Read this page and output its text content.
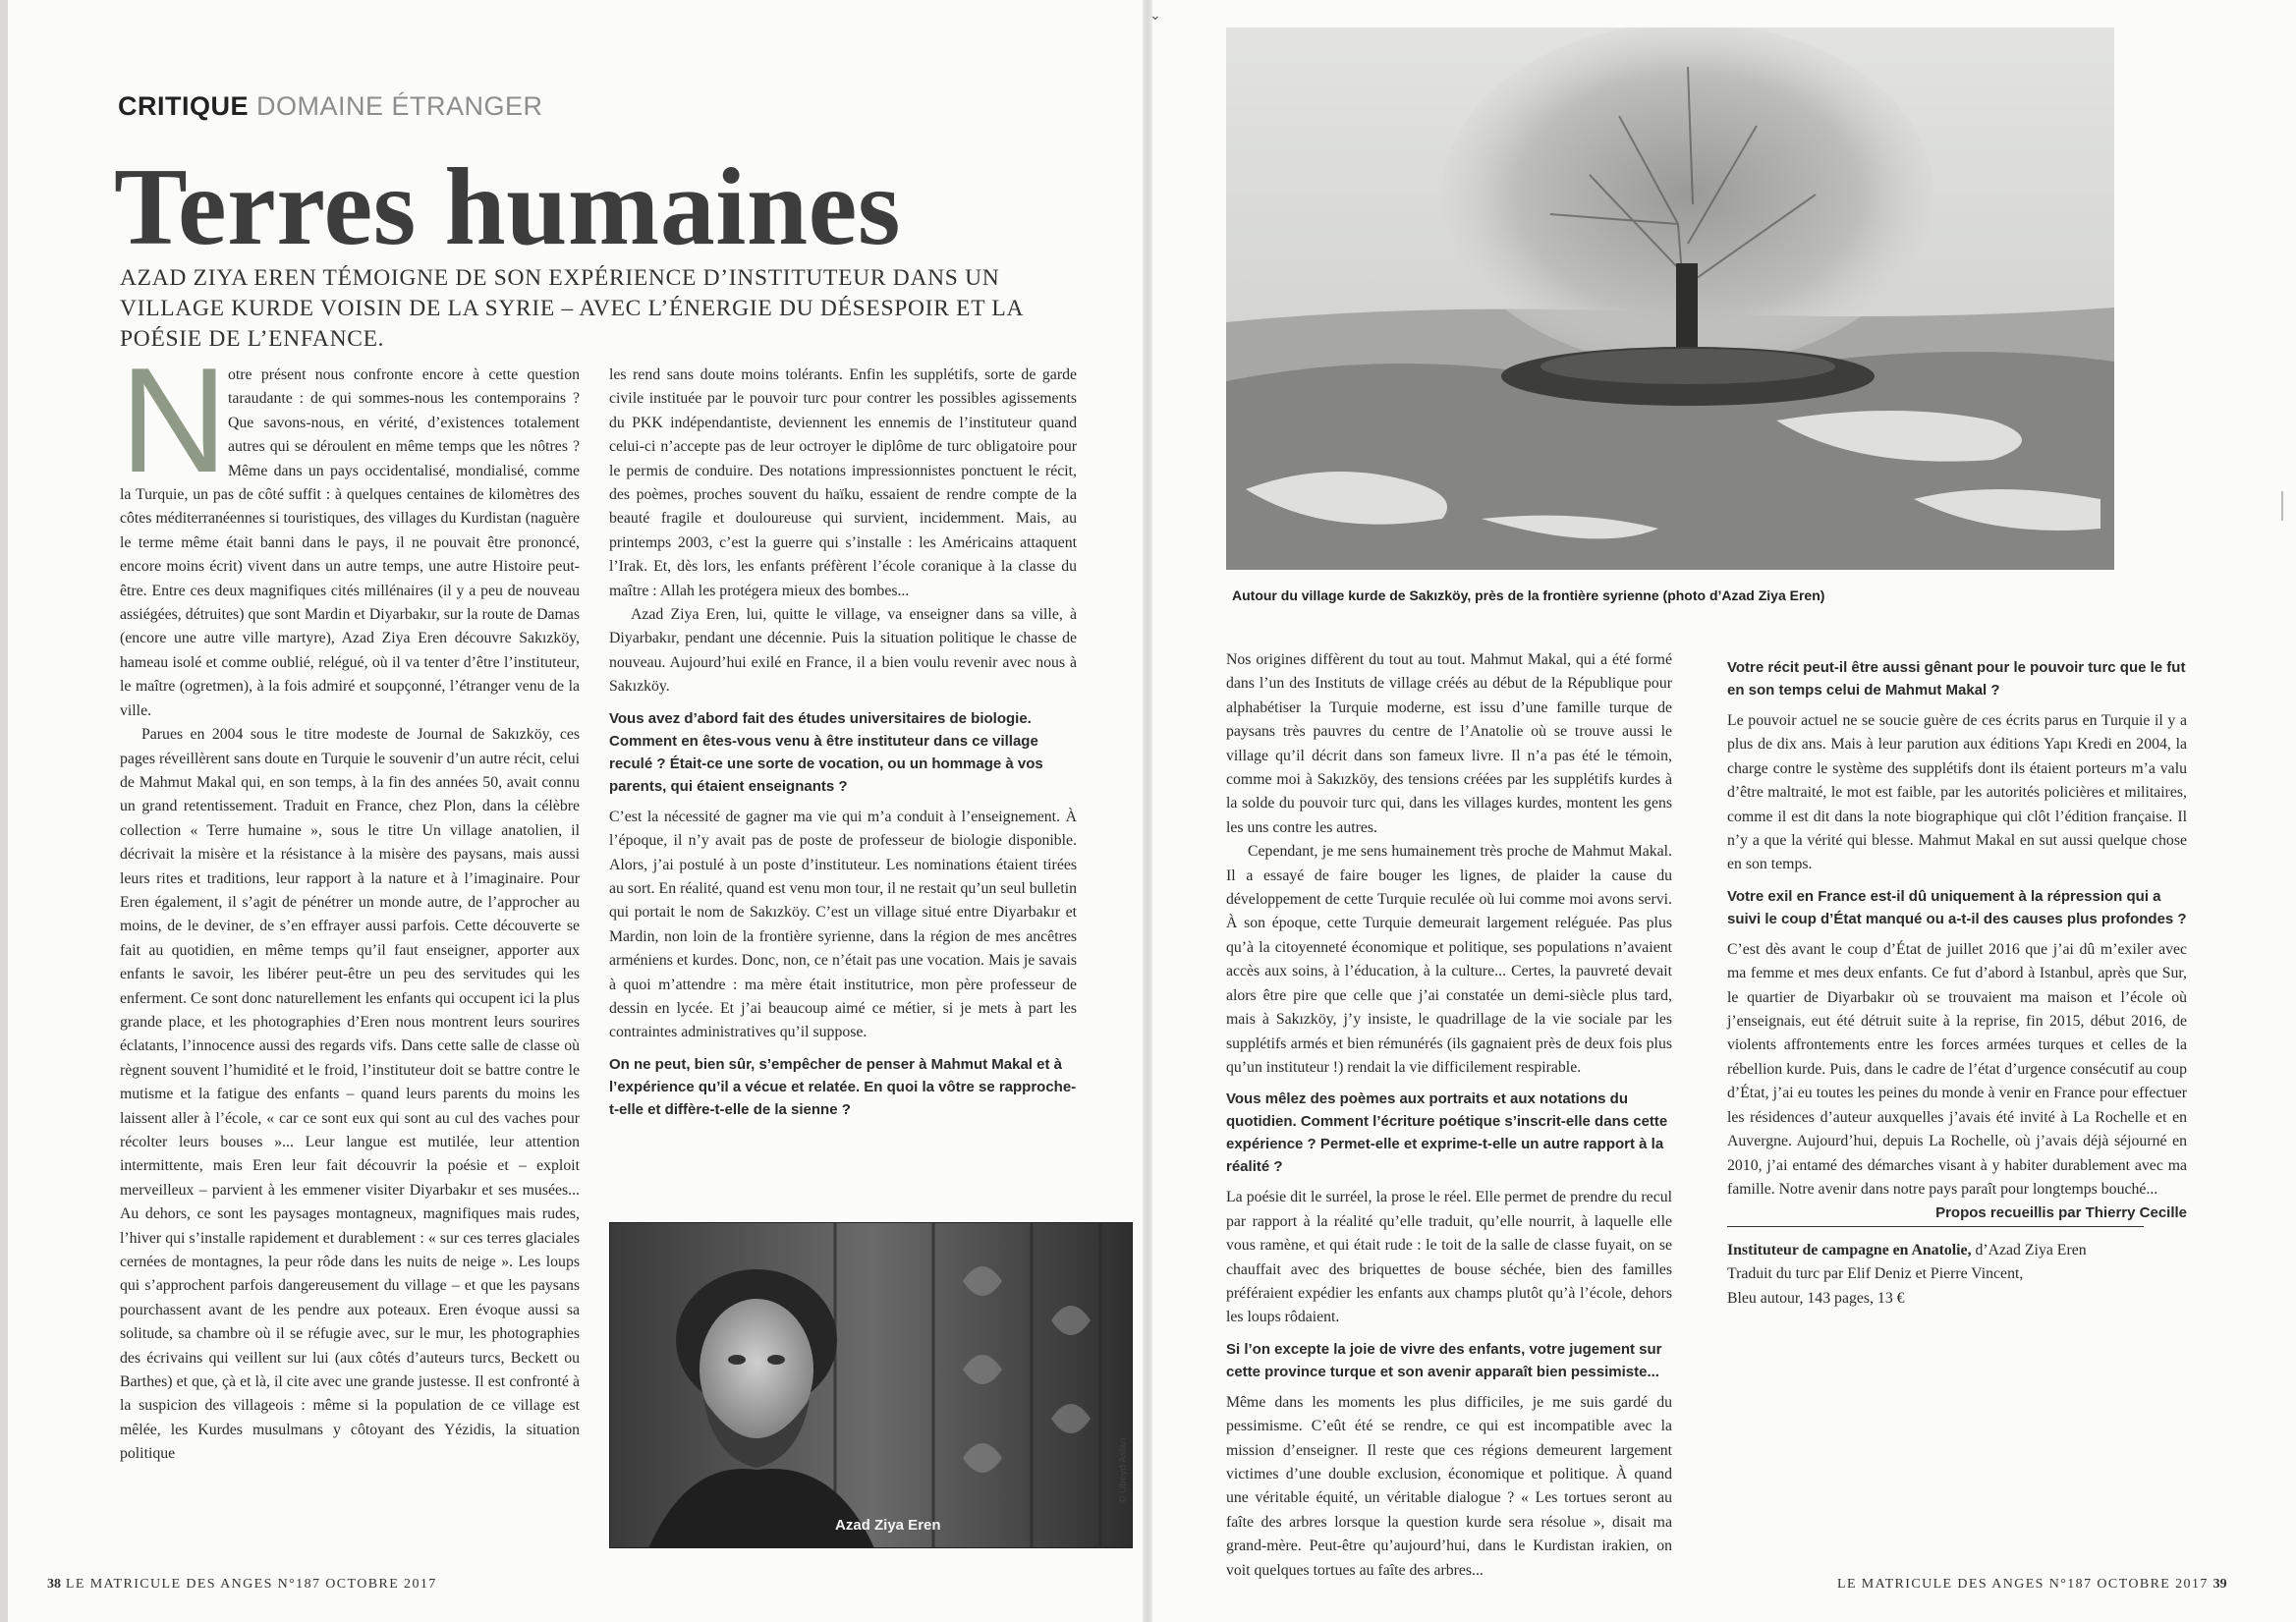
⌄
CRITIQUE DOMAINE ÉTRANGER
Terres humaines

AZAD ZIYA EREN TÉMOIGNE DE SON EXPÉRIENCE D’INSTITUTEUR DANS UN VILLAGE KURDE VOISIN DE LA SYRIE – AVEC L’ÉNERGIE DU DÉSESPOIR ET LA POÉSIE DE L’ENFANCE.

Notre présent nous confronte encore à cette question taraudante : de qui sommes-nous les contemporains ? Que savons-nous, en vérité, d’existences totalement autres qui se déroulent en même temps que les nôtres ? Même dans un pays occidentalisé, mondialisé, comme la Turquie, un pas de côté suffit : à quelques centaines de kilomètres des côtes méditerranéennes si touristiques, des villages du Kurdistan (naguère le terme même était banni dans le pays, il ne pouvait être prononcé, encore moins écrit) vivent dans un autre temps, une autre Histoire peut-être. Entre ces deux magnifiques cités millénaires (il y a peu de nouveau assiégées, détruites) que sont Mardin et Diyarbakır, sur la route de Damas (encore une autre ville martyre), Azad Ziya Eren découvre Sakızköy, hameau isolé et comme oublié, relégué, où il va tenter d’être l’instituteur, le maître (ogretmen), à la fois admiré et soupçonné, l’étranger venu de la ville.

Parues en 2004 sous le titre modeste de Journal de Sakızköy, ces pages réveillèrent sans doute en Turquie le souvenir d’un autre récit, celui de Mahmut Makal qui, en son temps, à la fin des années 50, avait connu un grand retentissement. Traduit en France, chez Plon, dans la célèbre collection « Terre humaine », sous le titre Un village anatolien, il décrivait la misère et la résistance à la misère des paysans, mais aussi leurs rites et traditions, leur rapport à la nature et à l’imaginaire. Pour Eren également, il s’agit de pénétrer un monde autre, de l’approcher au moins, de le deviner, de s’en effrayer aussi parfois. Cette découverte se fait au quotidien, en même temps qu’il faut enseigner, apporter aux enfants le savoir, les libérer peut-être un peu des servitudes qui les enferment. Ce sont donc naturellement les enfants qui occupent ici la plus grande place, et les photographies d’Eren nous montrent leurs sourires éclatants, l’innocence aussi des regards vifs. Dans cette salle de classe où règnent souvent l’humidité et le froid, l’instituteur doit se battre contre le mutisme et la fatigue des enfants – quand leurs parents du moins les laissent aller à l’école, « car ce sont eux qui sont au cul des vaches pour récolter leurs bouses »... Leur langue est mutilée, leur attention intermittente, mais Eren leur fait découvrir la poésie et – exploit merveilleux – parvient à les emmener visiter Diyarbakır et ses musées... Au dehors, ce sont les paysages montagneux, magnifiques mais rudes, l’hiver qui s’installe rapidement et durablement : « sur ces terres glaciales cernées de montagnes, la peur rôde dans les nuits de neige ». Les loups qui s’approchent parfois dangereusement du village – et que les paysans pourchassent avant de les pendre aux poteaux. Eren évoque aussi sa solitude, sa chambre où il se réfugie avec, sur le mur, les photographies des écrivains qui veillent sur lui (aux côtés d’auteurs turcs, Beckett ou Barthes) et que, çà et là, il cite avec une grande justesse. Il est confronté à la suspicion des villageois : même si la population de ce village est mêlée, les Kurdes musulmans y côtoyant des Yézidis, la situation politique

les rend sans doute moins tolérants. Enfin les supplétifs, sorte de garde civile instituée par le pouvoir turc pour contrer les possibles agissements du PKK indépendantiste, deviennent les ennemis de l’instituteur quand celui-ci n’accepte pas de leur octroyer le diplôme de turc obligatoire pour le permis de conduire. Des notations impressionnistes ponctuent le récit, des poèmes, proches souvent du haïku, essaient de rendre compte de la beauté fragile et douloureuse qui survient, incidemment. Mais, au printemps 2003, c’est la guerre qui s’installe : les Américains attaquent l’Irak. Et, dès lors, les enfants préfèrent l’école coranique à la classe du maître : Allah les protégera mieux des bombes...

Azad Ziya Eren, lui, quitte le village, va enseigner dans sa ville, à Diyarbakır, pendant une décennie. Puis la situation politique le chasse de nouveau. Aujourd’hui exilé en France, il a bien voulu revenir avec nous à Sakızköy.

Vous avez d’abord fait des études universitaires de biologie. Comment en êtes-vous venu à être instituteur dans ce village reculé ? Était-ce une sorte de vocation, ou un hommage à vos parents, qui étaient enseignants ?

C’est la nécessité de gagner ma vie qui m’a conduit à l’enseignement. À l’époque, il n’y avait pas de poste de professeur de biologie disponible. Alors, j’ai postulé à un poste d’instituteur. Les nominations étaient tirées au sort. En réalité, quand est venu mon tour, il ne restait qu’un seul bulletin qui portait le nom de Sakızköy. C’est un village situé entre Diyarbakır et Mardin, non loin de la frontière syrienne, dans la région de mes ancêtres arméniens et kurdes. Donc, non, ce n’était pas une vocation. Mais je savais à quoi m’attendre : ma mère était institutrice, mon père professeur de dessin en lycée. Et j’ai beaucoup aimé ce métier, si je mets à part les contraintes administratives qu’il suppose.

On ne peut, bien sûr, s’empêcher de penser à Mahmut Makal et à l’expérience qu’il a vécue et relatée. En quoi la vôtre se rapproche-t-elle et diffère-t-elle de la sienne ?
Azad Ziya Eren
© Ubeyd Aslan
Autour du village kurde de Sakızköy, près de la frontière syrienne (photo d’Azad Ziya Eren)

Nos origines diffèrent du tout au tout. Mahmut Makal, qui a été formé dans l’un des Instituts de village créés au début de la République pour alphabétiser la Turquie moderne, est issu d’une famille turque de paysans très pauvres du centre de l’Anatolie où se trouve aussi le village qu’il décrit dans son fameux livre. Il n’a pas été le témoin, comme moi à Sakızköy, des tensions créées par les supplétifs kurdes à la solde du pouvoir turc qui, dans les villages kurdes, montent les gens les uns contre les autres.

Cependant, je me sens humainement très proche de Mahmut Makal. Il a essayé de faire bouger les lignes, de plaider la cause du développement de cette Turquie reculée où lui comme moi avons servi. À son époque, cette Turquie demeurait largement reléguée. Pas plus qu’à la citoyenneté économique et politique, ses populations n’avaient accès aux soins, à l’éducation, à la culture... Certes, la pauvreté devait alors être pire que celle que j’ai constatée un demi-siècle plus tard, mais à Sakızköy, j’y insiste, le quadrillage de la vie sociale par les supplétifs armés et bien rémunérés (ils gagnaient près de deux fois plus qu’un instituteur !) rendait la vie difficilement respirable.

Vous mêlez des poèmes aux portraits et aux notations du quotidien. Comment l’écriture poétique s’inscrit-elle dans cette expérience ? Permet-elle et exprime-t-elle un autre rapport à la réalité ?

La poésie dit le surréel, la prose le réel. Elle permet de prendre du recul par rapport à la réalité qu’elle traduit, qu’elle nourrit, à laquelle elle vous ramène, et qui était rude : le toit de la salle de classe fuyait, on se chauffait avec des briquettes de bouse séchée, bien des familles préféraient expédier les enfants aux champs plutôt qu’à l’école, dehors les loups rôdaient.

Si l’on excepte la joie de vivre des enfants, votre jugement sur cette province turque et son avenir apparaît bien pessimiste...

Même dans les moments les plus difficiles, je me suis gardé du pessimisme. C’eût été se rendre, ce qui est incompatible avec la mission d’enseigner. Il reste que ces régions demeurent largement victimes d’une double exclusion, économique et politique. À quand une véritable équité, un véritable dialogue ? « Les tortues seront au faîte des arbres lorsque la question kurde sera résolue », disait ma grand-mère. Peut-être qu’aujourd’hui, dans le Kurdistan irakien, on voit quelques tortues au faîte des arbres...

Votre récit peut-il être aussi gênant pour le pouvoir turc que le fut en son temps celui de Mahmut Makal ?

Le pouvoir actuel ne se soucie guère de ces écrits parus en Turquie il y a plus de dix ans. Mais à leur parution aux éditions Yapı Kredi en 2004, la charge contre le système des supplétifs dont ils étaient porteurs m’a valu d’être maltraité, le mot est faible, par les autorités policières et militaires, comme il est dit dans la note biographique qui clôt l’édition française. Il n’y a que la vérité qui blesse. Mahmut Makal en sut aussi quelque chose en son temps.

Votre exil en France est-il dû uniquement à la répression qui a suivi le coup d’État manqué ou a-t-il des causes plus profondes ?

C’est dès avant le coup d’État de juillet 2016 que j’ai dû m’exiler avec ma femme et mes deux enfants. Ce fut d’abord à Istanbul, après que Sur, le quartier de Diyarbakır où se trouvaient ma maison et l’école où j’enseignais, eut été détruit suite à la reprise, fin 2015, début 2016, de violents affrontements entre les forces armées turques et celles de la rébellion kurde. Puis, dans le cadre de l’état d’urgence consécutif au coup d’État, j’ai eu toutes les peines du monde à venir en France pour effectuer les résidences d’auteur auxquelles j’avais été invité à La Rochelle et en Auvergne. Aujourd’hui, depuis La Rochelle, où j’avais déjà séjourné en 2010, j’ai entamé des démarches visant à y habiter durablement avec ma famille. Notre avenir dans notre pays paraît pour longtemps bouché...

Propos recueillis par Thierry Cecille

Instituteur de campagne en Anatolie, d’Azad Ziya Eren

Traduit du turc par Elif Deniz et Pierre Vincent,

Bleu autour, 143 pages, 13 €

38 LE MATRICULE DES ANGES N°187 OCTOBRE 2017	LE MATRICULE DES ANGES N°187 OCTOBRE 2017 39
